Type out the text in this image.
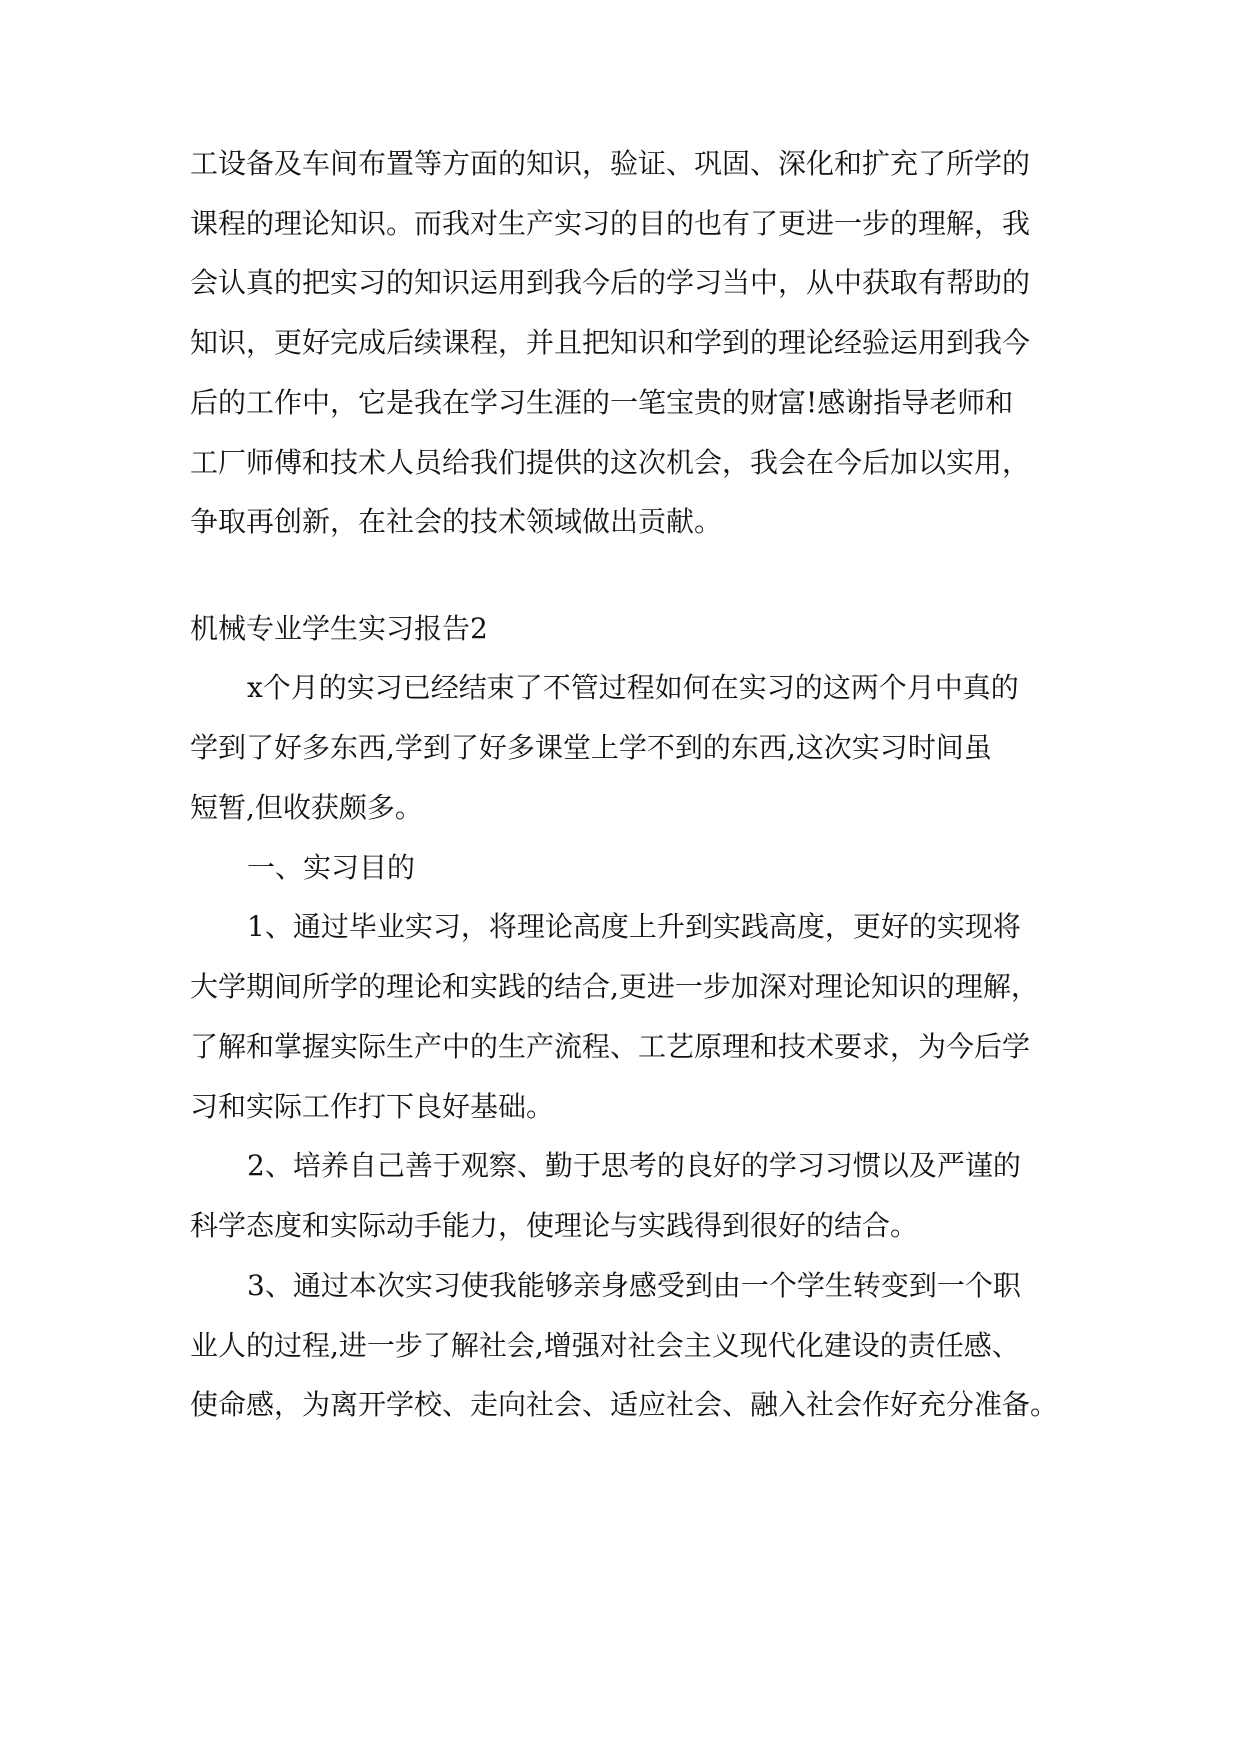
工设备及车间布置等方面的知识，验证、巩固、深化和扩充了所学的
课程的理论知识。而我对生产实习的目的也有了更进一步的理解，我
会认真的把实习的知识运用到我今后的学习当中，从中获取有帮助的
知识，更好完成后续课程，并且把知识和学到的理论经验运用到我今
后的工作中，它是我在学习生涯的一笔宝贵的财富!感谢指导老师和
工厂师傅和技术人员给我们提供的这次机会，我会在今后加以实用，
争取再创新，在社会的技术领域做出贡献。
机械专业学生实习报告2
x个月的实习已经结束了不管过程如何在实习的这两个月中真的
学到了好多东西,学到了好多课堂上学不到的东西,这次实习时间虽
短暂,但收获颇多。
一、实习目的
1、通过毕业实习，将理论高度上升到实践高度，更好的实现将
大学期间所学的理论和实践的结合,更进一步加深对理论知识的理解，
了解和掌握实际生产中的生产流程、工艺原理和技术要求，为今后学
习和实际工作打下良好基础。
2、培养自己善于观察、勤于思考的良好的学习习惯以及严谨的
科学态度和实际动手能力，使理论与实践得到很好的结合。
3、通过本次实习使我能够亲身感受到由一个学生转变到一个职
业人的过程,进一步了解社会,增强对社会主义现代化建设的责任感、
使命感，为离开学校、走向社会、适应社会、融入社会作好充分准备。
